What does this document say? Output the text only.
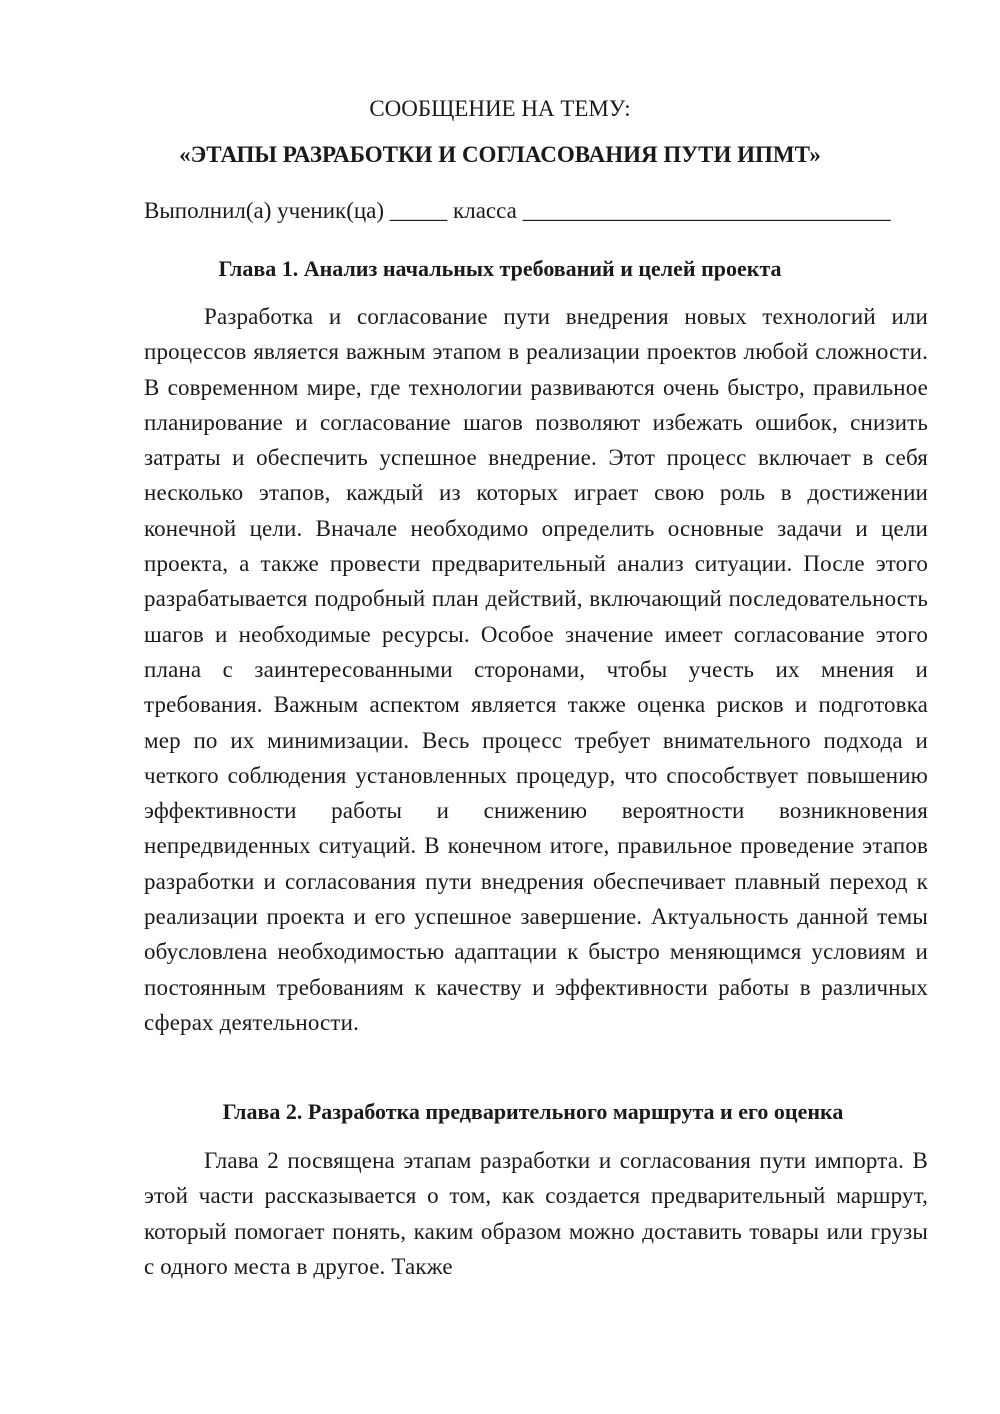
СООБЩЕНИЕ НА ТЕМУ:
«ЭТАПЫ РАЗРАБОТКИ И СОГЛАСОВАНИЯ ПУТИ ИПМТ»
Выполнил(а) ученик(ца) _____ класса ________________________________
Глава 1. Анализ начальных требований и целей проекта

Разработка и согласование пути внедрения новых технологий или процессов является важным этапом в реализации проектов любой сложности. В современном мире, где технологии развиваются очень быстро, правильное планирование и согласование шагов позволяют избежать ошибок, снизить затраты и обеспечить успешное внедрение. Этот процесс включает в себя несколько этапов, каждый из которых играет свою роль в достижении конечной цели. Вначале необходимо определить основные задачи и цели проекта, а также провести предварительный анализ ситуации. После этого разрабатывается подробный план действий, включающий последовательность шагов и необходимые ресурсы. Особое значение имеет согласование этого плана с заинтересованными сторонами, чтобы учесть их мнения и требования. Важным аспектом является также оценка рисков и подготовка мер по их минимизации. Весь процесс требует внимательного подхода и четкого соблюдения установленных процедур, что способствует повышению эффективности работы и снижению вероятности возникновения непредвиденных ситуаций. В конечном итоге, правильное проведение этапов разработки и согласования пути внедрения обеспечивает плавный переход к реализации проекта и его успешное завершение. Актуальность данной темы обусловлена необходимостью адаптации к быстро меняющимся условиям и постоянным требованиям к качеству и эффективности работы в различных сферах деятельности.

Глава 2. Разработка предварительного маршрута и его оценка

Глава 2 посвящена этапам разработки и согласования пути импорта. В этой части рассказывается о том, как создается предварительный маршрут, который помогает понять, каким образом можно доставить товары или грузы с одного места в другое. Также
